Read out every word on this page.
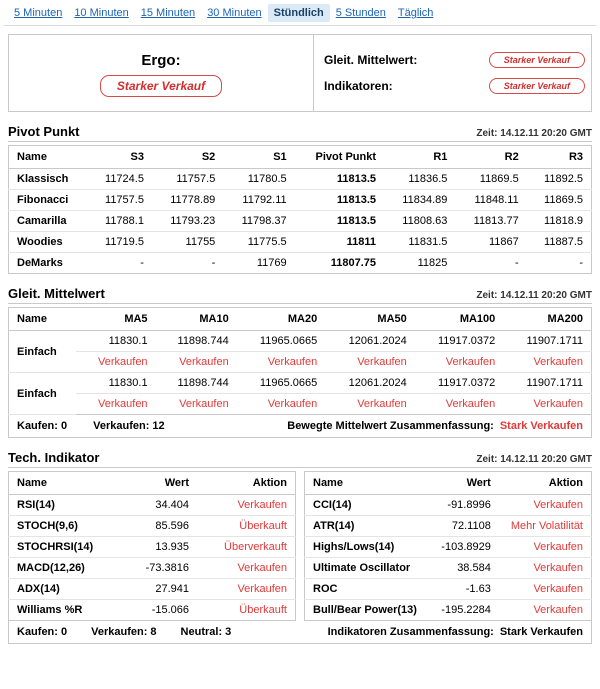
5 Minuten	10 Minuten	15 Minuten	30 Minuten	Stündlich	5 Stunden	Täglich
Ergo:
Starker Verkauf
Gleit. Mittelwert:	Starker Verkauf
Indikatoren:	Starker Verkauf
Pivot Punkt	Zeit: 14.12.11 20:20 GMT
Name	S3	S2	S1	Pivot Punkt	R1	R2	R3
Klassisch	11724.5	11757.5	11780.5	11813.5	11836.5	11869.5	11892.5
Fibonacci	11757.5	11778.89	11792.11	11813.5	11834.89	11848.11	11869.5
Camarilla	11788.1	11793.23	11798.37	11813.5	11808.63	11813.77	11818.9
Woodies	11719.5	11755	11775.5	11811	11831.5	11867	11887.5
DeMarks	-	-	11769	11807.75	11825	-	-
Gleit. Mittelwert	Zeit: 14.12.11 20:20 GMT
Name	MA5	MA10	MA20	MA50	MA100	MA200
Einfach	11830.1	11898.744	11965.0665	12061.2024	11917.0372	11907.1711
	Verkaufen	Verkaufen	Verkaufen	Verkaufen	Verkaufen	Verkaufen
Einfach	11830.1	11898.744	11965.0665	12061.2024	11917.0372	11907.1711
	Verkaufen	Verkaufen	Verkaufen	Verkaufen	Verkaufen	Verkaufen
Kaufen: 0 Verkaufen: 12	Bewegte Mittelwert Zusammenfassung: Stark Verkaufen
Tech. Indikator	Zeit: 14.12.11 20:20 GMT
Name	Wert	Aktion
RSI(14)	34.404	Verkaufen
STOCH(9,6)	85.596	Überkauft
STOCHRSI(14)	13.935	Überverkauft
MACD(12,26)	-73.3816	Verkaufen
ADX(14)	27.941	Verkaufen
Williams %R	-15.066	Überkauft
Name	Wert	Aktion
CCI(14)	-91.8996	Verkaufen
ATR(14)	72.1108	Mehr Volatilität
Highs/Lows(14)	-103.8929	Verkaufen
Ultimate Oscillator	38.584	Verkaufen
ROC	-1.63	Verkaufen
Bull/Bear Power(13)	-195.2284	Verkaufen
Kaufen: 0 Verkaufen: 8 Neutral: 3	Indikatoren Zusammenfassung: Stark Verkaufen
